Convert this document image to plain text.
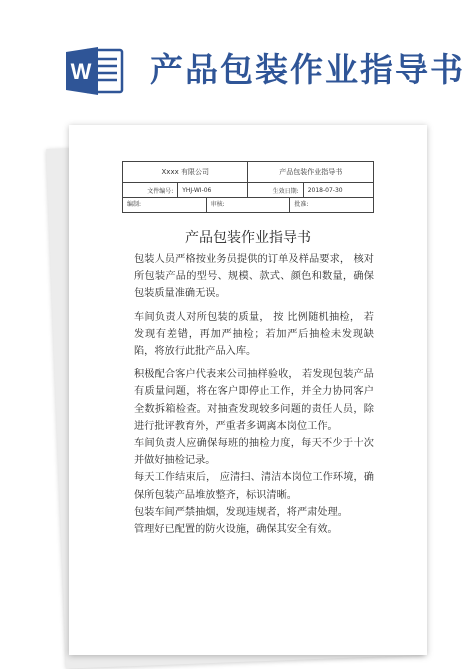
W 产品包装作业指导书
Xxxx 有限公司		产品包装作业指导书	
文件编号:	YHJ-WI-06	生效日期:	2018-07-30

编制: 审核: 批准:			
产品包装作业指导书

包装人员严格按业务员提供的订单及样品要求， 核对所包装产品的型号、规模、款式、颜色和数量，确保包装质量准确无误。

车间负责人对所包装的质量， 按 比例随机抽检， 若发现有差错，再加严抽检；若加严后抽检未发现缺陷，将放行此批产品入库。

积极配合客户代表来公司抽样验收， 若发现包装产品有质量问题，将在客户即停止工作，并全力协同客户全数拆箱检查。对抽查发现较多问题的责任人员，除进行批评教育外，严重者多调离本岗位工作。

车间负责人应确保每班的抽检力度，每天不少于十次并做好抽检记录。

每天工作结束后， 应清扫、清洁本岗位工作环境，确保所包装产品堆放整齐，标识清晰。

包装车间严禁抽烟，发现违规者，将严肃处理。

管理好已配置的防火设施，确保其安全有效。
